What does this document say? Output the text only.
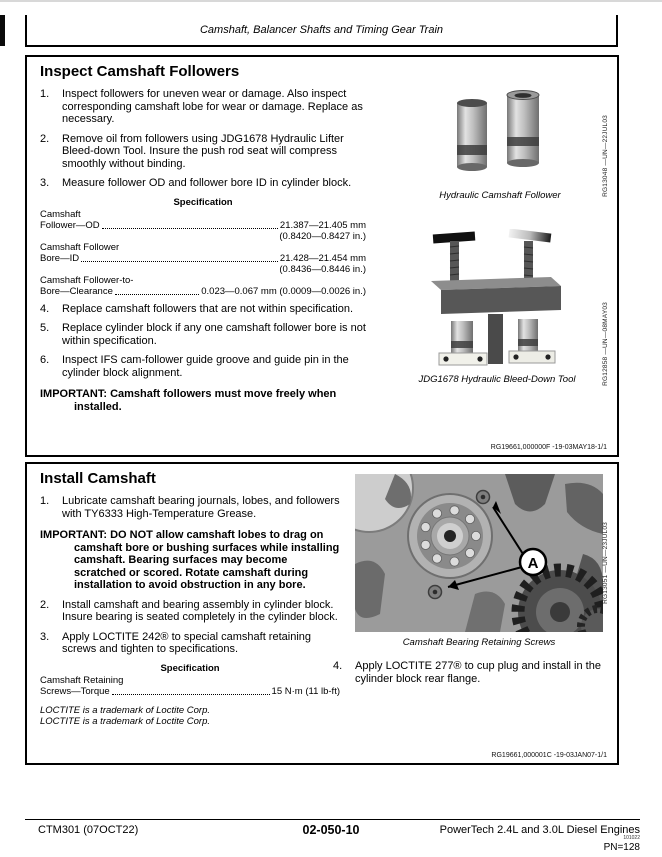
Camshaft, Balancer Shafts and Timing Gear Train
Inspect Camshaft Followers
1.	Inspect followers for uneven wear or damage. Also inspect corresponding camshaft lobe for wear or damage. Replace as necessary.
2.	Remove oil from followers using JDG1678 Hydraulic Lifter Bleed-down Tool. Insure the push rod seat will compress smoothly without binding.
3.	Measure follower OD and follower bore ID in cylinder block.
Specification
Camshaft
Follower—OD	21.387—21.405 mm
(0.8420—0.8427 in.)
Camshaft Follower
Bore—ID	21.428—21.454 mm
(0.8436—0.8446 in.)
Camshaft Follower-to-
Bore—Clearance	0.023—0.067 mm (0.0009—0.0026 in.)
4.	Replace camshaft followers that are not within specification.
5.	Replace cylinder block if any one camshaft follower bore is not within specification.
6.	Inspect IFS cam-follower guide groove and guide pin in the cylinder block alignment.

IMPORTANT: Camshaft followers must move freely when installed.

Hydraulic Camshaft Follower	RG13048 —UN—22JUL03
JDG1678 Hydraulic Bleed-Down Tool	RG12858 —UN—08MAY03
RG19661,000000F -19-03MAY18-1/1
Install Camshaft
1.	Lubricate camshaft bearing journals, lobes, and followers with TY6333 High-Temperature Grease.

IMPORTANT: DO NOT allow camshaft lobes to drag on camshaft bore or bushing surfaces while installing camshaft. Bearing surfaces may become scratched or scored. Rotate camshaft during installation to avoid obstruction in any bore.

2.	Install camshaft and bearing assembly in cylinder block. Insure bearing is seated completely in the cylinder block.
3.	Apply LOCTITE 242® to special camshaft retaining screws and tighten to specifications.
Specification
Camshaft Retaining
Screws—Torque	15 N·m (11 lb-ft)
LOCTITE is a trademark of Loctite Corp.
LOCTITE is a trademark of Loctite Corp.
A
Camshaft Bearing Retaining Screws
RG13051 —UN—23JUL03
4.	Apply LOCTITE 277® to cup plug and install in the cylinder block rear flange.
RG19661,000001C -19-03JAN07-1/1
CTM301 (07OCT22)	02-050-10	PowerTech 2.4L and 3.0L Diesel Engines
101022
PN=128
